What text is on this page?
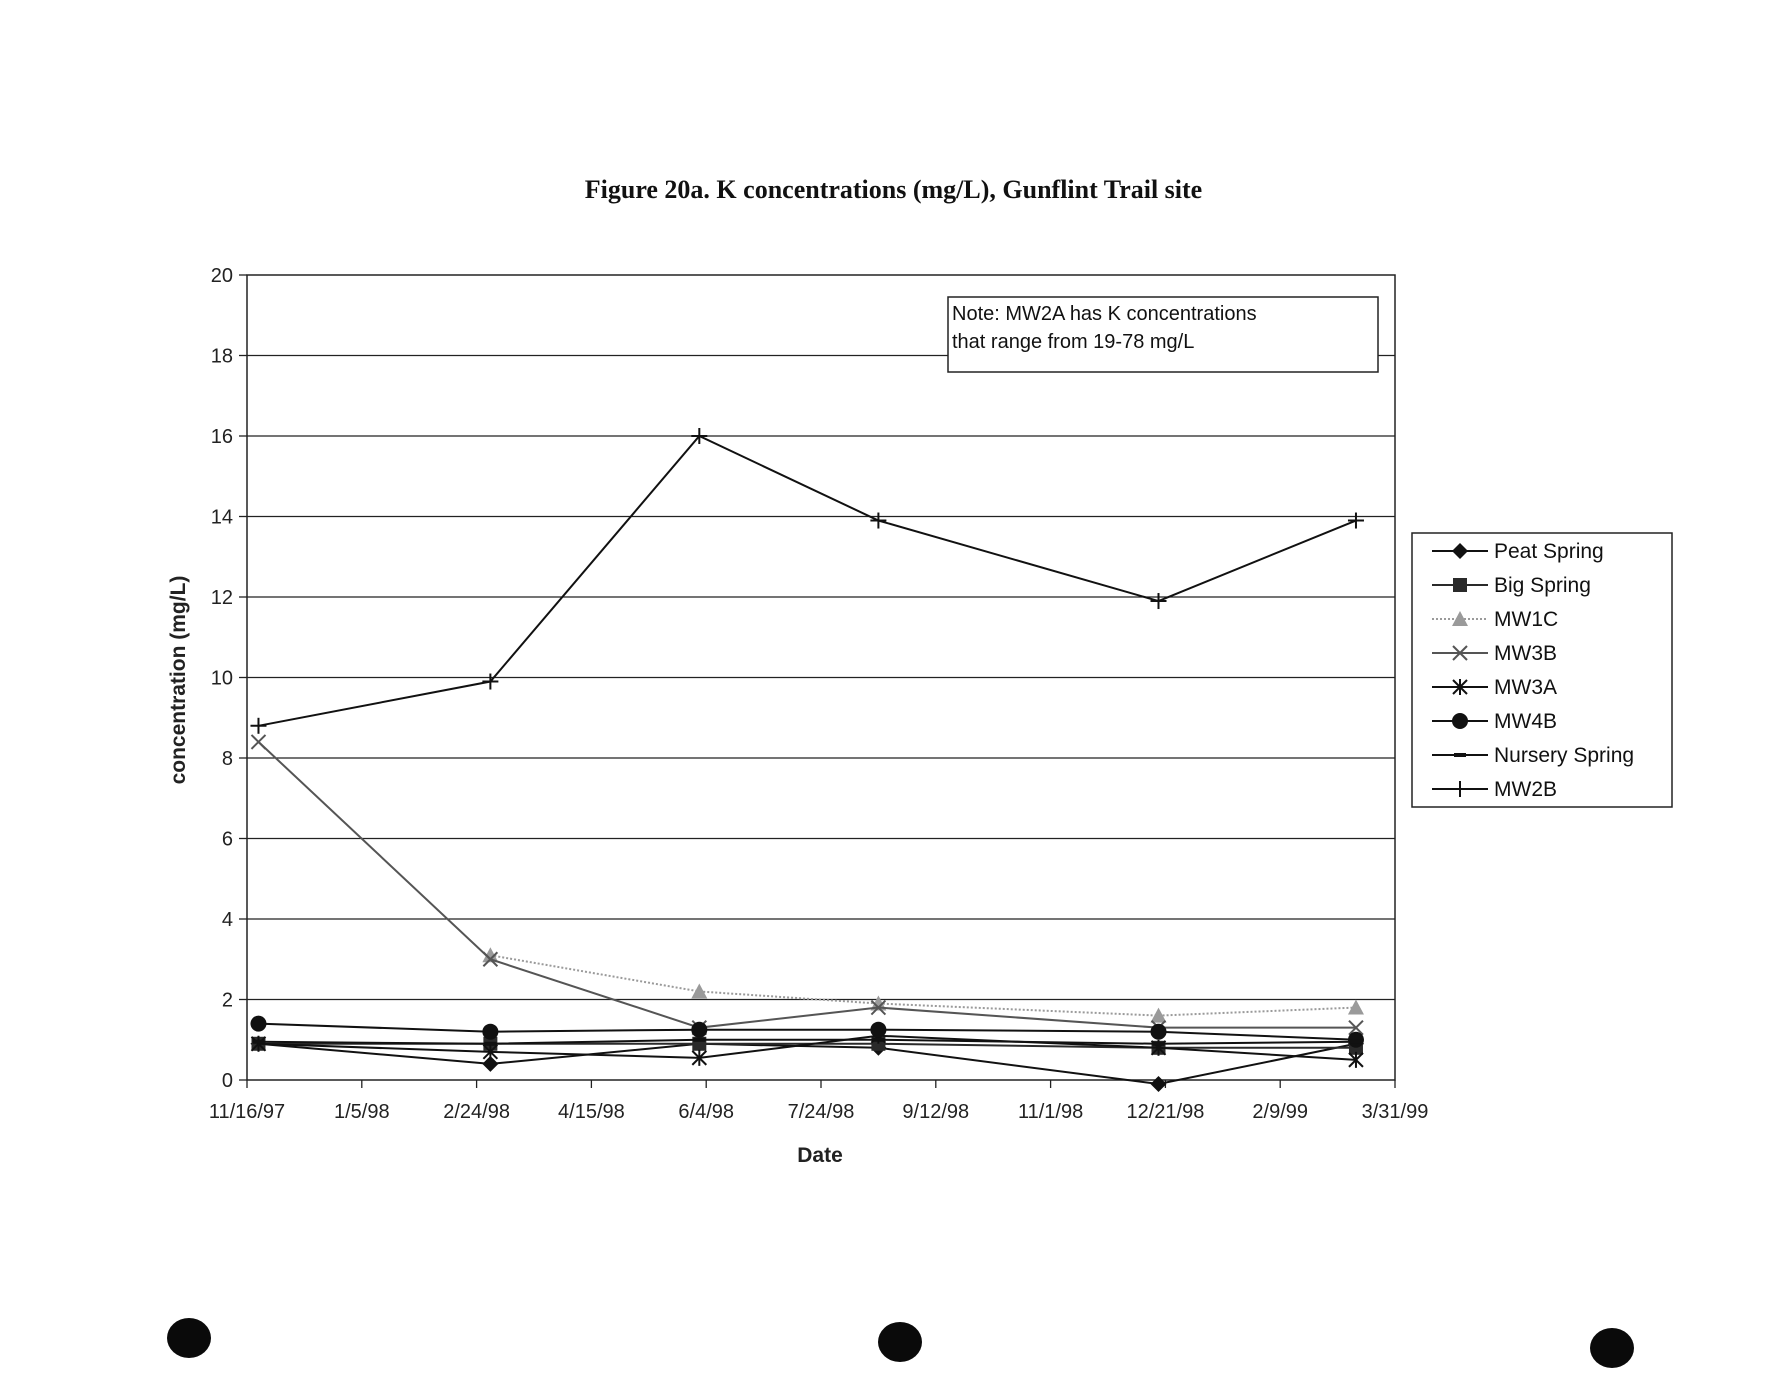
Figure 20a. K concentrations (mg/L), Gunflint Trail site
0
2
4
6
8
10
12
14
16
18
20
11/16/97 1/5/98	2/24/98 4/15/98	6/4/98	7/24/98 9/12/98 11/1/98 12/21/98 2/9/99	3/31/99
Note: MW2A has K concentrations
that range from 19-78 mg/L
Peat Spring
Big Spring
MW1C
MW3B
MW3A
MW4B
Nursery Spring
MW2B
concentration (mg/L)
Date
